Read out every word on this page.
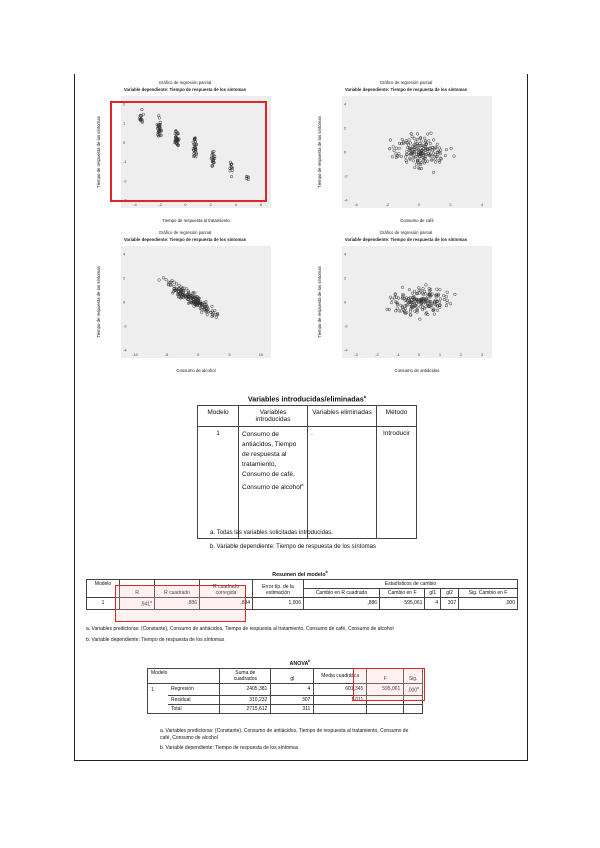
Gráfico de regresión parcial
Variable dependiente: Tiempo de respuesta de los síntomas
Tiempo de respuesta de los síntomas
2
1
0
-1
-2
-3
-4	-2	0	2	4	6
Tiempo de respuesta al tratamiento
Gráfico de regresión parcial
Variable dependiente: Tiempo de respuesta de los síntomas
Tiempo de respuesta de los síntomas
4
2
0
-2
-4
-4	-2	0	2	4
Consumo de café
Gráfico de regresión parcial
Variable dependiente: Tiempo de respuesta de los síntomas
Tiempo de respuesta de los síntomas
4
2
0
-2
-4
-10	-5	0	5	10
Consumo de alcohol
Gráfico de regresión parcial
Variable dependiente: Tiempo de respuesta de los síntomas
Tiempo de respuesta de los síntomas
4
2
0
-2
-4
-3	-2	-1	0	1	2	3
Consumo de antiácidos
Variables introducidas/eliminadas$^b$
Modelo	Variables introducidas	Variables eliminadas	Método
1	Consumo de antiácidos, Tiempo de respuesta al tratamiento, Consumo de café, Consumo de alcohol$^a$	.	Introducir
a. Todas las variables solicitadas introducidas.
b. Variable dependiente: Tiempo de respuesta de los síntomas
Resumen del modelo$^b$
Modelo	R	R cuadrado	R cuadrado corregida	Error típ. de la estimación	Estadísticos de cambio				
					Cambio en R cuadrado	Cambio en F	gl1	gl2	Sig. Cambio en F
1	,941$^a$	,886	,884	1,006	,886	595,061	4	307	,000
a. Variables predictoras: (Constante), Consumo de antiácidos, Tiempo de respuesta al tratamiento, Consumo de café, Consumo de alcohol
b. Variable dependiente: Tiempo de respuesta de los síntomas
ANOVA$^b$
Modelo		Suma de cuadrados	gl	Media cuadrática	F	Sig.
1	Regresión	2405,381	4	601,345	595,061	,000$^a$
	Residual	310,232	307	1,011		
	Total	2715,612	311			
a. Variables predictoras: (Constante), Consumo de antiácidos, Tiempo de respuesta al tratamiento, Consumo de café, Consumo de alcohol
b. Variable dependiente: Tiempo de respuesta de los síntomas
